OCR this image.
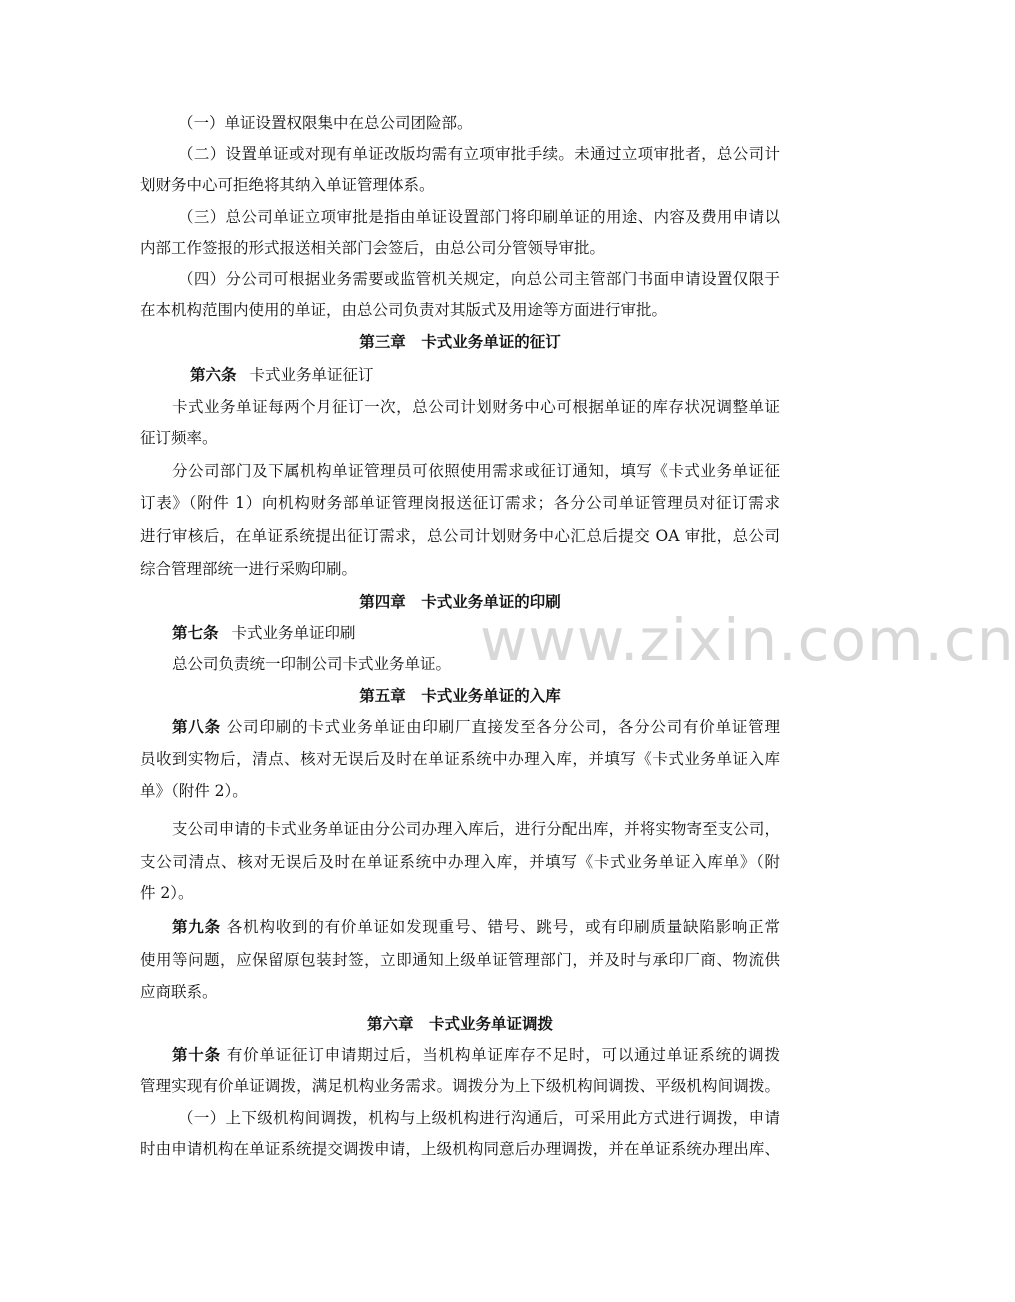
www.zixin.com.cn
（一）单证设置权限集中在总公司团险部。
（二）设置单证或对现有单证改版均需有立项审批手续。未通过立项审批者，总公司计
划财务中心可拒绝将其纳入单证管理体系。
（三）总公司单证立项审批是指由单证设置部门将印刷单证的用途、内容及费用申请以
内部工作签报的形式报送相关部门会签后，由总公司分管领导审批。
（四）分公司可根据业务需要或监管机关规定，向总公司主管部门书面申请设置仅限于
在本机构范围内使用的单证，由总公司负责对其版式及用途等方面进行审批。
第三章　卡式业务单证的征订
第六条 卡式业务单证征订
卡式业务单证每两个月征订一次，总公司计划财务中心可根据单证的库存状况调整单证
征订频率。
分公司部门及下属机构单证管理员可依照使用需求或征订通知，填写《卡式业务单证征
订表》（附件 1）向机构财务部单证管理岗报送征订需求；各分公司单证管理员对征订需求
进行审核后，在单证系统提出征订需求，总公司计划财务中心汇总后提交 OA 审批，总公司
综合管理部统一进行采购印刷。
第四章　卡式业务单证的印刷
第七条 卡式业务单证印刷
总公司负责统一印制公司卡式业务单证。
第五章　卡式业务单证的入库
第八条 公司印刷的卡式业务单证由印刷厂直接发至各分公司，各分公司有价单证管理
员收到实物后，清点、核对无误后及时在单证系统中办理入库，并填写《卡式业务单证入库
单》（附件 2）。
支公司申请的卡式业务单证由分公司办理入库后，进行分配出库，并将实物寄至支公司，
支公司清点、核对无误后及时在单证系统中办理入库，并填写《卡式业务单证入库单》（附
件 2）。
第九条 各机构收到的有价单证如发现重号、错号、跳号，或有印刷质量缺陷影响正常
使用等问题，应保留原包装封签，立即通知上级单证管理部门，并及时与承印厂商、物流供
应商联系。
第六章　卡式业务单证调拨
第十条 有价单证征订申请期过后，当机构单证库存不足时，可以通过单证系统的调拨
管理实现有价单证调拨，满足机构业务需求。调拨分为上下级机构间调拨、平级机构间调拨。
（一）上下级机构间调拨，机构与上级机构进行沟通后，可采用此方式进行调拨，申请
时由申请机构在单证系统提交调拨申请，上级机构同意后办理调拨，并在单证系统办理出库、
